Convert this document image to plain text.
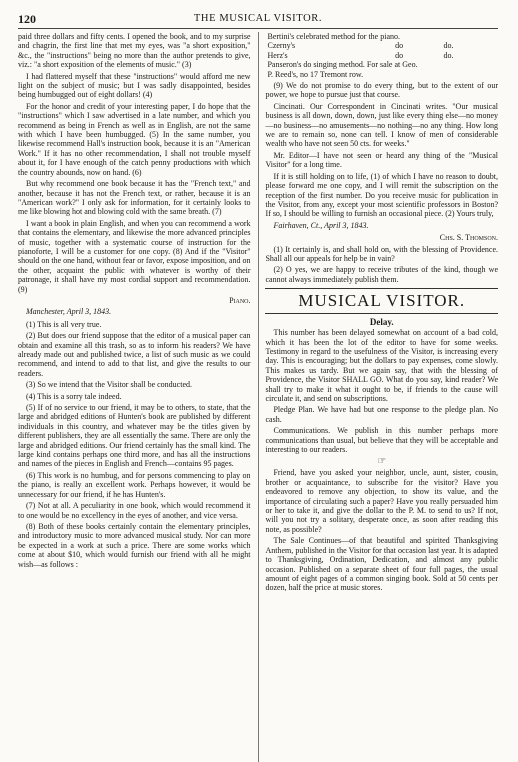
120	THE MUSICAL VISITOR.

paid three dollars and fifty cents. I opened the book, and to my surprise and chagrin, the first line that met my eyes, was "a short exposition," &c., the "instructions" being no more than the author pretends to give, viz.: "a short exposition of the elements of music." (3)

I had flattered myself that these "instructions" would afford me new light on the subject of music; but I was sadly disappointed, besides being humbugged out of eight dollars! (4)

For the honor and credit of your interesting paper, I do hope that the "instructions" which I saw advertised in a late number, and which you recommend as being in French as well as in English, are not the same with which I have been humbugged. (5) In the same number, you likewise recommend Hall's instruction book, because it is an "American Work." If it has no other recommendation, I shall not trouble myself about it, for I have enough of the catch penny productions with which the country abounds, now on hand. (6)

But why recommend one book because it has the "French text," and another, because it has not the French text, or rather, because it is an "American work?" I only ask for information, for it certainly looks to me like blowing hot and blowing cold with the same breath. (7)

I want a book in plain English, and when you can recommend a work that contains the elementary, and likewise the more advanced principles of music, together with a systematic course of instruction for the pianoforte, I will be a customer for one copy. (8) And if the "Visitor" should on the one hand, without fear or favor, expose imposition, and on the other, acquaint the public with whatever is worthy of their patronage, it shall have my most cordial support and recommendation. (9)

Piano.
Manchester, April 3, 1843.

(1) This is all very true.

(2) But does our friend suppose that the editor of a musical paper can obtain and examine all this trash, so as to inform his readers? We have already made out and published twice, a list of such music as we could recommend, and intend to add to that list, and give the results to our readers.

(3) So we intend that the Visitor shall be conducted.

(4) This is a sorry tale indeed.

(5) If of no service to our friend, it may be to others, to state, that the large and abridged editions of Hunten's book are published by different individuals in this country, and whatever may be the titles given by different publishers, they are all essentially the same. There are only the large and abridged editions. Our friend certainly has the small kind. The large kind contains perhaps one third more, and has all the instructions and names of the pieces in English and French—contains 95 pages.

(6) This work is no humbug, and for persons commencing to play on the piano, is really an excellent work. Perhaps however, it would be unnecessary for our friend, if he has Hunten's.

(7) Not at all. A peculiarity in one book, which would recommend it to one would be no excellency in the eyes of another, and vice versa.

(8) Both of these books certainly contain the elementary principles, and introductory music to more advanced musical study. Nor can more be expected in a work at such a price. There are some works which come at about $10, which would furnish our friend with all he might wish—as follows :

Bertini's celebrated method for the piano.		
Czerny's	do	do.
Herz's	do	do.
Panseron's do singing method. For sale at Geo.		
P. Reed's, no 17 Tremont row.		

(9) We do not promise to do every thing, but to the extent of our power, we hope to pursue just that course.

Cincinati. Our Correspondent in Cincinati writes. "Our musical business is all down, down, down, just like every thing else—no money—no business—no amusements—no nothing—no any thing. How long we are to remain so, none can tell. I know of men of considerable wealth who have not seen 50 cts. for weeks."

Mr. Editor—I have not seen or heard any thing of the "Musical Visitor" for a long time.

If it is still holding on to life, (1) of which I have no reason to doubt, please forward me one copy, and I will remit the subscription on the reception of the first number. Do you receive music for publication in the Visitor, from any, except your most scientific professors in Boston? If so, I should be willing to furnish an occasional piece. (2) Yours truly,

Fairhaven, Ct., April 3, 1843.
Chs. S. Thomson.

(1) It certainly is, and shall hold on, with the blessing of Providence. Shall all our appeals for help be in vain?

(2) O yes, we are happy to receive tributes of the kind, though we cannot always immediately publish them.

MUSICAL VISITOR.
Delay.

This number has been delayed somewhat on account of a bad cold, which it has been the lot of the editor to have for some weeks. Testimony in regard to the usefulness of the Visitor, is increasing every day. This is encouraging; but the dollars to pay expenses, come slowly. This makes us tardy. But we again say, that with the blessing of Providence, the Visitor SHALL GO. What do you say, kind reader? We shall try to make it what it ought to be, if friends to the cause will circulate it, and send on subscriptions.

Pledge Plan. We have had but one response to the pledge plan. No cash.

Communications. We publish in this number perhaps more communications than usual, but believe that they will be acceptable and interesting to our readers.

☞

Friend, have you asked your neighbor, uncle, aunt, sister, cousin, brother or acquaintance, to subscribe for the visitor? Have you endeavored to remove any objection, to show its value, and the importance of circulating such a paper? Have you really persuaded him or her to take it, and give the dollar to the P. M. to send to us? If not, will you not try a solitary, desperate once, as soon after reading this note, as possible?

The Sale Continues—of that beautiful and spirited Thanksgiving Anthem, published in the Visitor for that occasion last year. It is adapted to Thanksgiving, Ordination, Dedication, and almost any public occasion. Published on a separate sheet of four full pages, the usual amount of eight pages of a common singing book. Sold at 50 cents per dozen, half the price at music stores.
